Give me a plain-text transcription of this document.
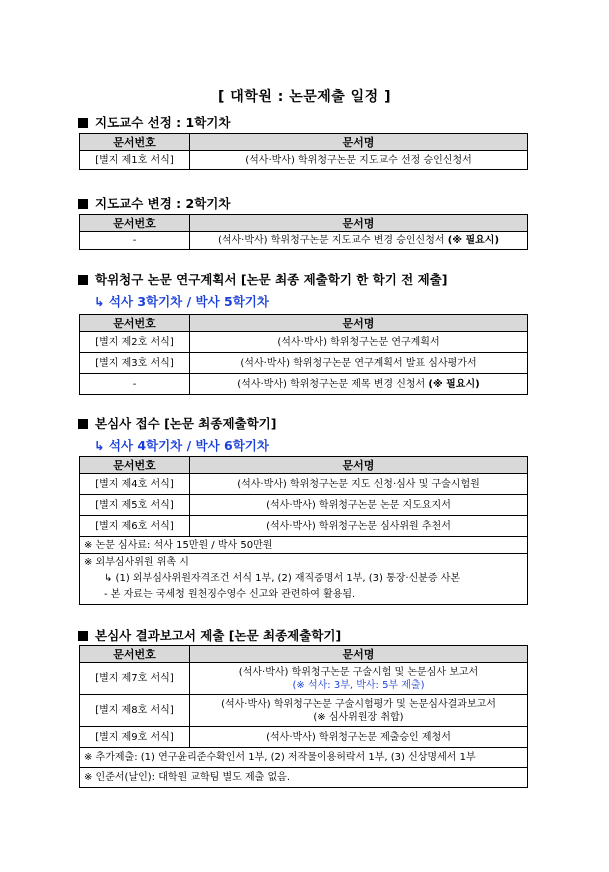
[ 대학원 : 논문제출 일정 ]
지도교수 선정 : 1학기차
문서번호	문서명
[별지 제1호 서식]	(석사·박사) 학위청구논문 지도교수 선정 승인신청서
지도교수 변경 : 2학기차
문서번호	문서명
-	(석사·박사) 학위청구논문 지도교수 변경 승인신청서 (※ 필요시)
학위청구 논문 연구계획서 [논문 최종 제출학기 한 학기 전 제출]
↳ 석사 3학기차 / 박사 5학기차
문서번호	문서명
[별지 제2호 서식]	(석사·박사) 학위청구논문 연구계획서
[별지 제3호 서식]	(석사·박사) 학위청구논문 연구계획서 발표 심사평가서
-	(석사·박사) 학위청구논문 제목 변경 신청서 (※ 필요시)
본심사 접수 [논문 최종제출학기]
↳ 석사 4학기차 / 박사 6학기차
문서번호	문서명
[별지 제4호 서식]	(석사·박사) 학위청구논문 지도 신청·심사 및 구술시험원
[별지 제5호 서식]	(석사·박사) 학위청구논문 논문 지도요지서
[별지 제6호 서식]	(석사·박사) 학위청구논문 심사위원 추천서
※ 논문 심사료: 석사 15만원 / 박사 50만원	

※ 외부심사위원 위촉 시
↳ (1) 외부심사위원자격조건 서식 1부, (2) 재직증명서 1부, (3) 통장·신분증 사본
- 본 자료는 국세청 원천징수영수 신고와 관련하여 활용됨.	
본심사 결과보고서 제출 [논문 최종제출학기]
문서번호	문서명
[별지 제7호 서식]	(석사·박사) 학위청구논문 구술시험 및 논문심사 보고서
(※ 석사: 3부, 박사: 5부 제출)

[별지 제8호 서식]	(석사·박사) 학위청구논문 구술시험평가 및 논문심사결과보고서
(※ 심사위원장 취합)

[별지 제9호 서식]	(석사·박사) 학위청구논문 제출승인 제청서
※ 추가제출: (1) 연구윤리준수확인서 1부, (2) 저작물이용허락서 1부, (3) 신상명세서 1부	
※ 인준서(날인): 대학원 교학팀 별도 제출 없음.	
